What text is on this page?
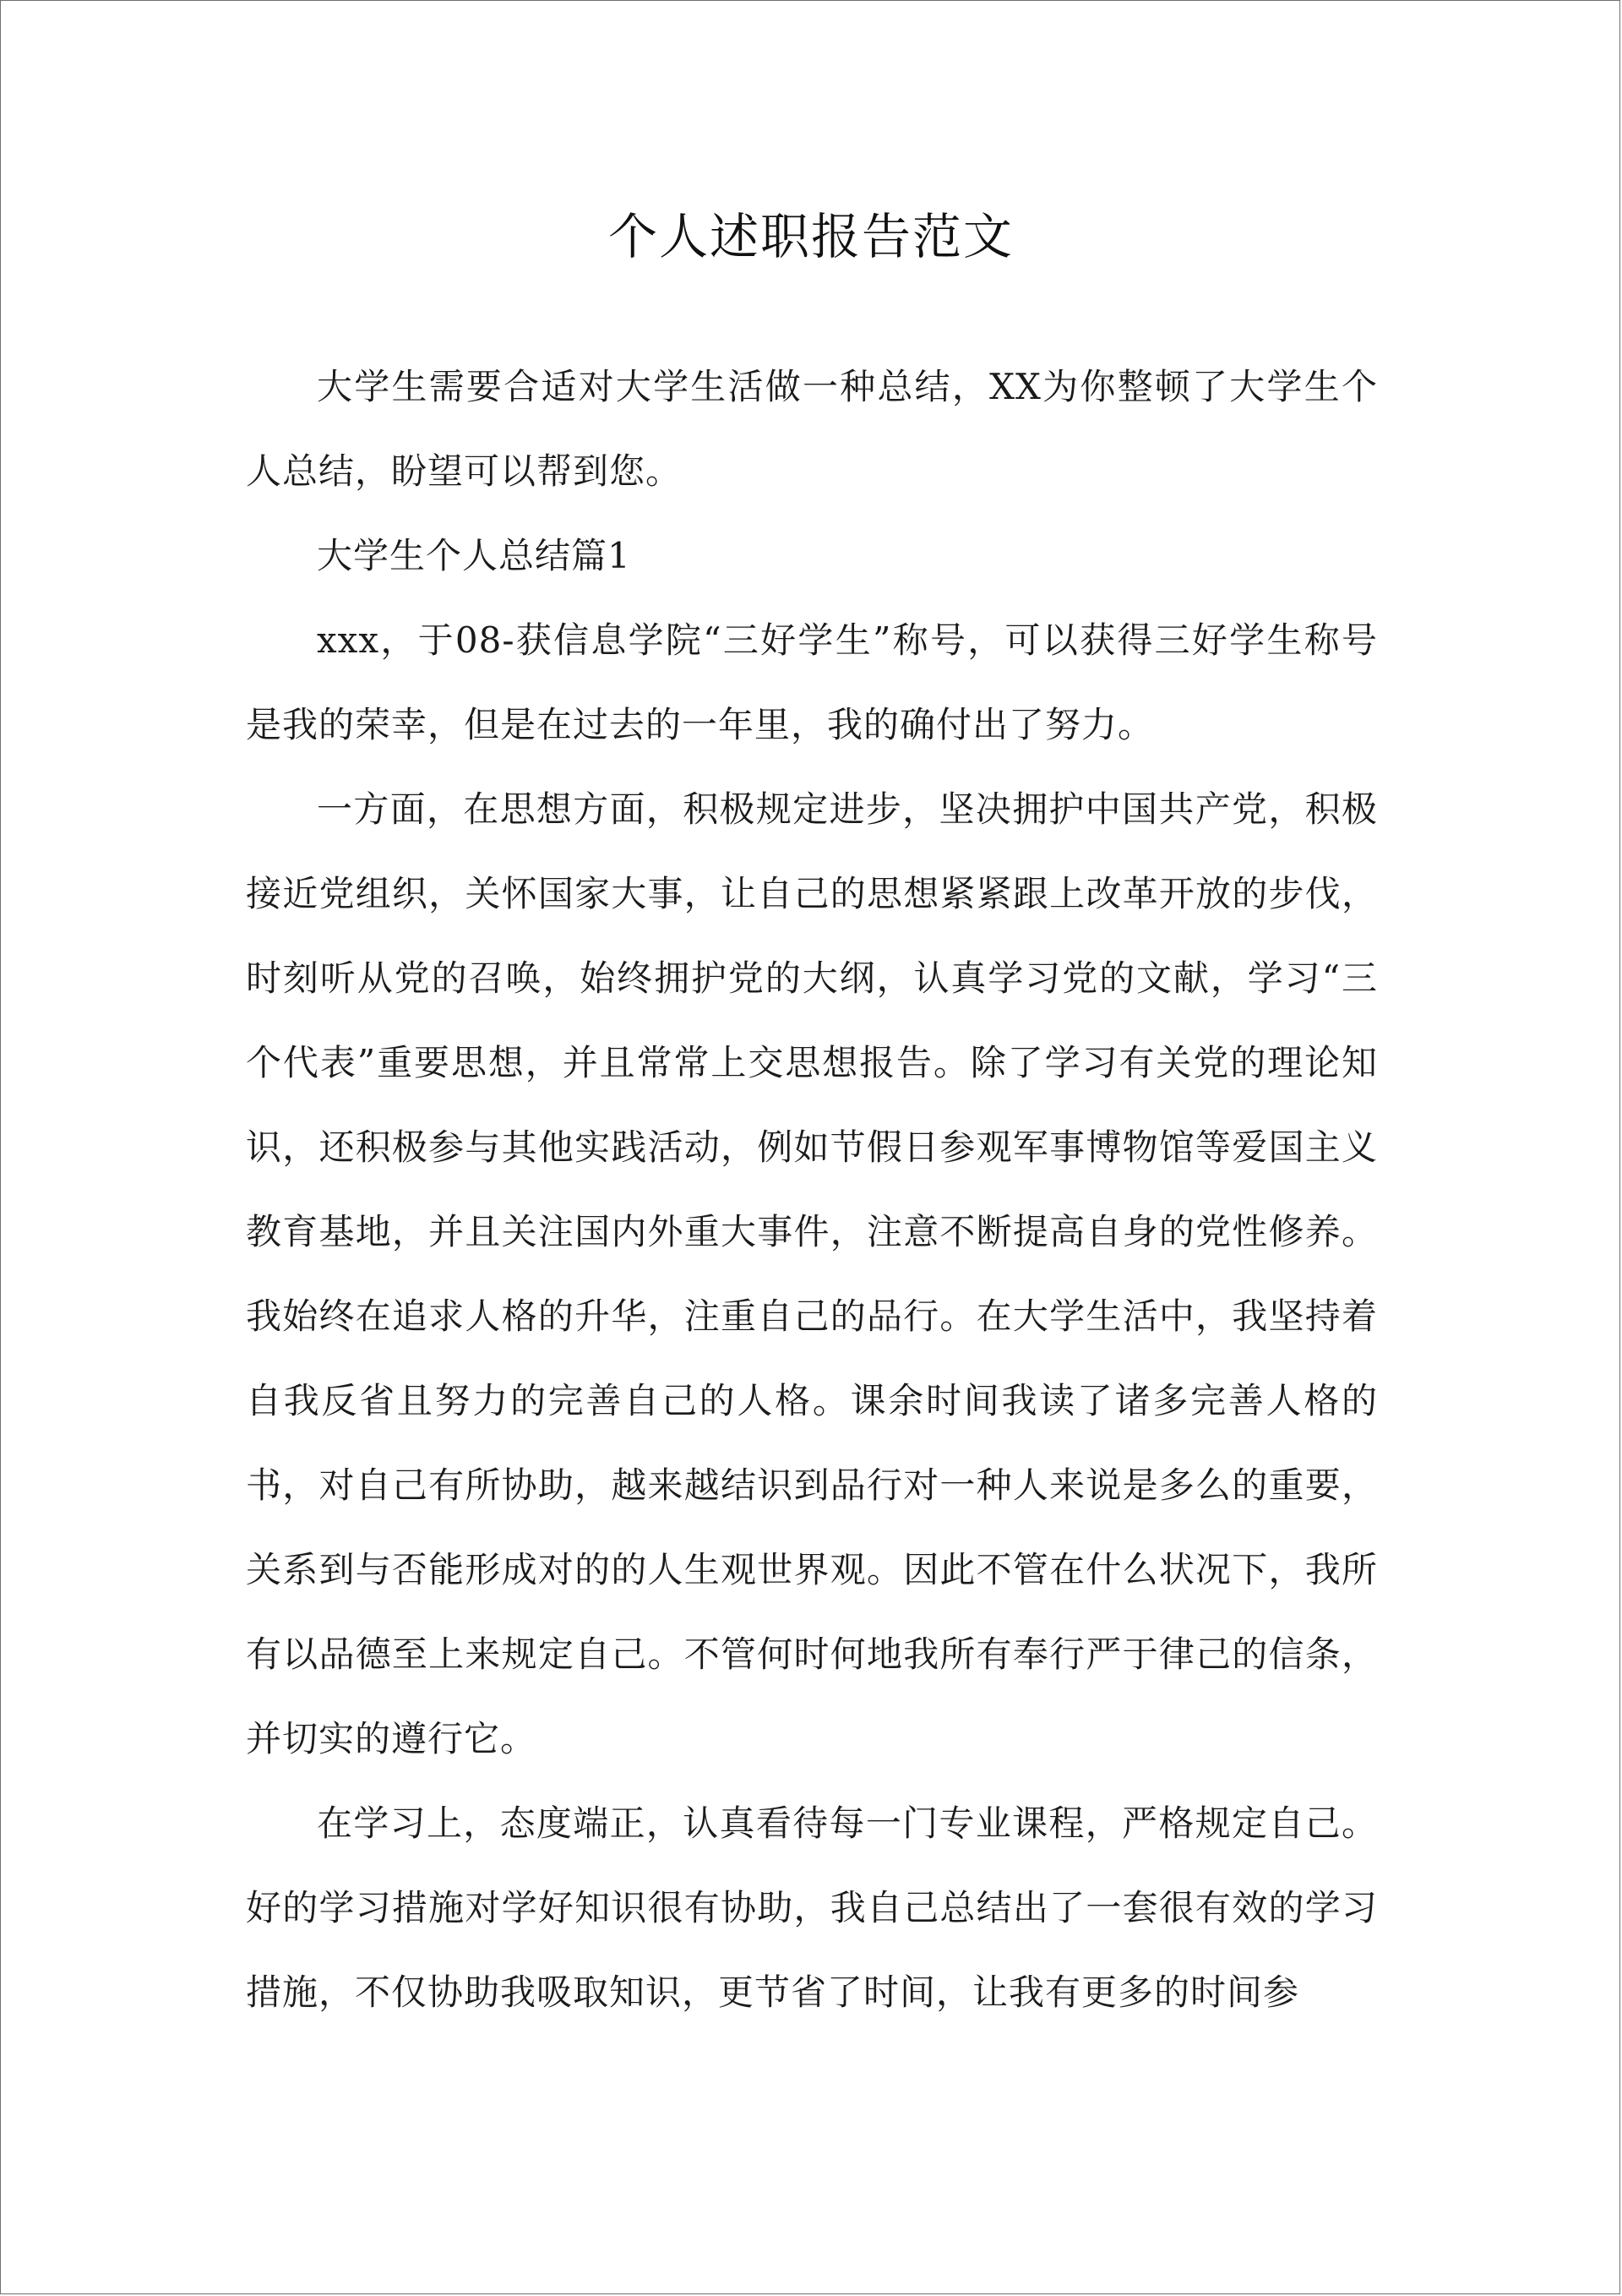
个人述职报告范文

大学生需要合适对大学生活做一种总结，XX为你整顿了大学生个人总结，盼望可以帮到您。

大学生个人总结篇1

xxx，于08-获信息学院“三好学生”称号，可以获得三好学生称号是我的荣幸，但是在过去的一年里，我的确付出了努力。

一方面，在思想方面，积极规定进步，坚决拥护中国共产党，积极接近党组织，关怀国家大事，让自己的思想紧紧跟上改革开放的步伐，时刻听从党的召唤，始终拥护党的大纲，认真学习党的文献，学习“三个代表”重要思想，并且常常上交思想报告。除了学习有关党的理论知识，还积极参与其他实践活动，例如节假日参观军事博物馆等爱国主义教育基地，并且关注国内外重大事件，注意不断提高自身的党性修养。我始终在追求人格的升华，注重自己的品行。在大学生活中，我坚持着自我反省且努力的完善自己的人格。课余时间我读了诸多完善人格的书，对自己有所协助，越来越结识到品行对一种人来说是多么的重要，关系到与否能形成对的的人生观世界观。因此不管在什么状况下，我所有以品德至上来规定自己。不管何时何地我所有奉行严于律己的信条，并切实的遵行它。

在学习上，态度端正，认真看待每一门专业课程，严格规定自己。好的学习措施对学好知识很有协助，我自己总结出了一套很有效的学习措施，不仅协助我吸取知识，更节省了时间，让我有更多的时间参
